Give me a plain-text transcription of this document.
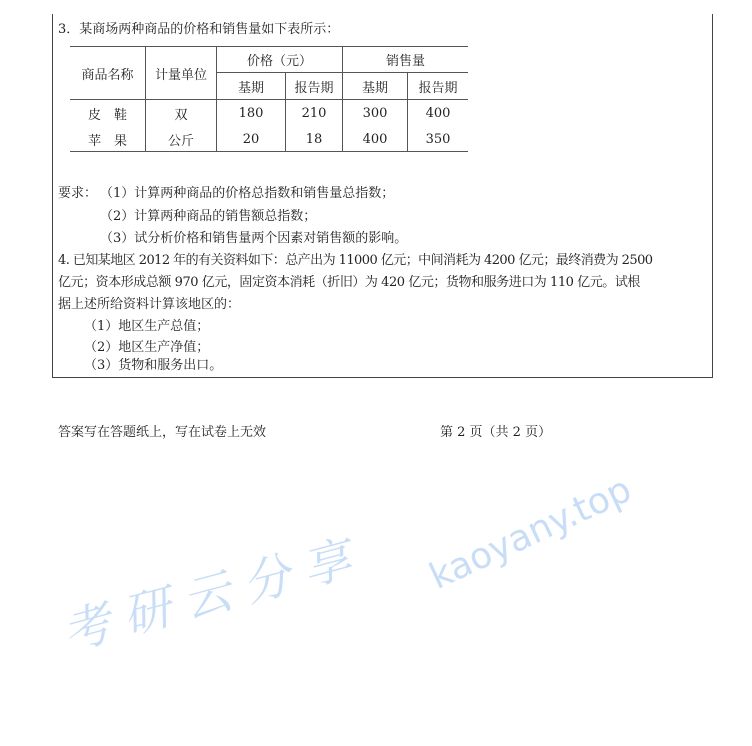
3．某商场两种商品的价格和销售量如下表所示：
商品名称	计量单位	价格（元）		销售量	
		基期	报告期	基期	报告期
皮　鞋	双	180	210	300	400
苹　果	公斤	20	18	400	350
要求： （1）计算两种商品的价格总指数和销售量总指数；
（2）计算两种商品的销售额总指数；
（3）试分析价格和销售量两个因素对销售额的影响。
4. 已知某地区 2012 年的有关资料如下：总产出为 11000 亿元；中间消耗为 4200 亿元；最终消费为 2500
亿元；资本形成总额 970 亿元，固定资本消耗（折旧）为 420 亿元；货物和服务进口为 110 亿元。试根
据上述所给资料计算该地区的：
（1）地区生产总值；
（2）地区生产净值；
（3）货物和服务出口。
答案写在答题纸上，写在试卷上无效	第 2 页（共 2 页）
考研云分享 kaoyany.top
